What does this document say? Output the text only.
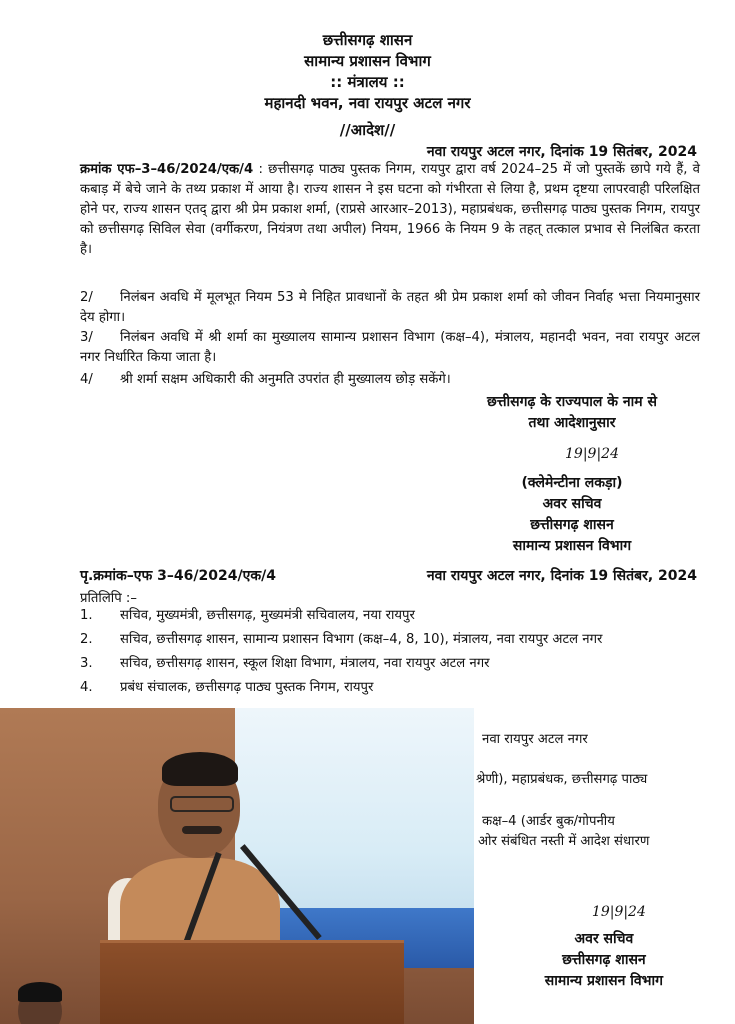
छत्तीसगढ़ शासन
सामान्य प्रशासन विभाग
:: मंत्रालय ::
महानदी भवन, नवा रायपुर अटल नगर
//आदेश//
नवा रायपुर अटल नगर, दिनांक 19 सितंबर, 2024
क्रमांक एफ–3–46/2024/एक/4 : छत्तीसगढ़ पाठ्य पुस्तक निगम, रायपुर द्वारा वर्ष 2024–25 में जो पुस्तकें छापे गये हैं, वे कबाड़ में बेचे जाने के तथ्य प्रकाश में आया है। राज्य शासन ने इस घटना को गंभीरता से लिया है, प्रथम दृष्टया लापरवाही परिलक्षित होने पर, राज्य शासन एतद् द्वारा श्री प्रेम प्रकाश शर्मा, (राप्रसे आरआर–2013), महाप्रबंधक, छत्तीसगढ़ पाठ्य पुस्तक निगम, रायपुर को छत्तीसगढ़ सिविल सेवा (वर्गीकरण, नियंत्रण तथा अपील) नियम, 1966 के नियम 9 के तहत् तत्काल प्रभाव से निलंबित करता है।
2/ निलंबन अवधि में मूलभूत नियम 53 मे निहित प्रावधानों के तहत श्री प्रेम प्रकाश शर्मा को जीवन निर्वाह भत्ता नियमानुसार देय होगा।
3/ निलंबन अवधि में श्री शर्मा का मुख्यालय सामान्य प्रशासन विभाग (कक्ष–4), मंत्रालय, महानदी भवन, नवा रायपुर अटल नगर निर्धारित किया जाता है।
4/ श्री शर्मा सक्षम अधिकारी की अनुमति उपरांत ही मुख्यालय छोड़ सकेंगे।
छत्तीसगढ़ के राज्यपाल के नाम से
तथा आदेशानुसार
19|9|24
(क्लेमेन्टीना लकड़ा)
अवर सचिव
छत्तीसगढ़ शासन
सामान्य प्रशासन विभाग
पृ.क्रमांक–एफ 3–46/2024/एक/4	नवा रायपुर अटल नगर, दिनांक 19 सितंबर, 2024
प्रतिलिपि :–
1. सचिव, मुख्यमंत्री, छत्तीसगढ़, मुख्यमंत्री सचिवालय, नया रायपुर
2. सचिव, छत्तीसगढ़ शासन, सामान्य प्रशासन विभाग (कक्ष–4, 8, 10), मंत्रालय, नवा रायपुर अटल नगर
3. सचिव, छत्तीसगढ़ शासन, स्कूल शिक्षा विभाग, मंत्रालय, नवा रायपुर अटल नगर
4. प्रबंध संचालक, छत्तीसगढ़ पाठ्य पुस्तक निगम, रायपुर
नवा रायपुर अटल नगर
श्रेणी), महाप्रबंधक, छत्तीसगढ़ पाठ्य
कक्ष–4 (आर्डर बुक/गोपनीय
ओर संबंधित नस्ती में आदेश संधारण
19|9|24
अवर सचिव
छत्तीसगढ़ शासन
सामान्य प्रशासन विभाग
